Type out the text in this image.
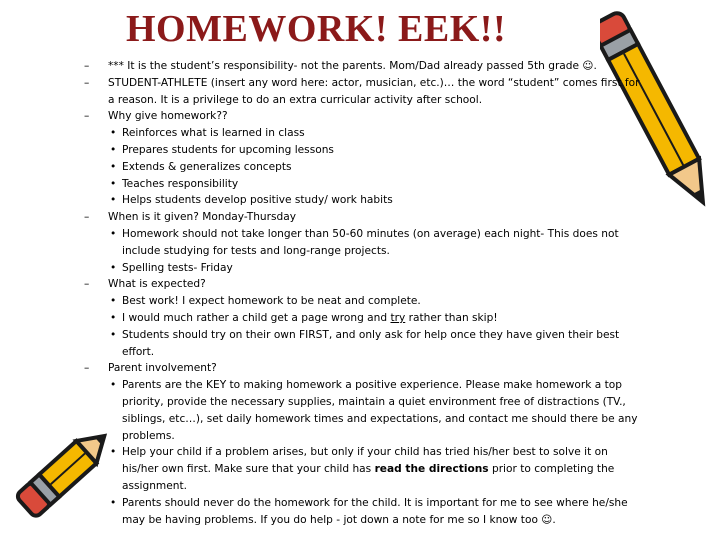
HOMEWORK! EEK!!
– *** It is the student’s responsibility- not the parents. Mom/Dad already passed 5th grade ☺.
– STUDENT-ATHLETE (insert any word here: actor, musician, etc.)… the word “student” comes first for a reason. It is a privilege to do an extra curricular activity after school.
– Why give homework??
• Reinforces what is learned in class
• Prepares students for upcoming lessons
• Extends & generalizes concepts
• Teaches responsibility
• Helps students develop positive study/ work habits
– When is it given? Monday-Thursday
• Homework should not take longer than 50-60 minutes (on average) each night- This does not include studying for tests and long-range projects.
• Spelling tests- Friday
– What is expected?
• Best work! I expect homework to be neat and complete.
• I would much rather a child get a page wrong and try rather than skip!
• Students should try on their own FIRST, and only ask for help once they have given their best effort.
– Parent involvement?
• Parents are the KEY to making homework a positive experience. Please make homework a top priority, provide the necessary supplies, maintain a quiet environment free of distractions (TV., siblings, etc…), set daily homework times and expectations, and contact me should there be any problems.
• Help your child if a problem arises, but only if your child has tried his/her best to solve it on his/her own first. Make sure that your child has read the directions prior to completing the assignment.
• Parents should never do the homework for the child. It is important for me to see where he/she may be having problems. If you do help - jot down a note for me so I know too ☺.
